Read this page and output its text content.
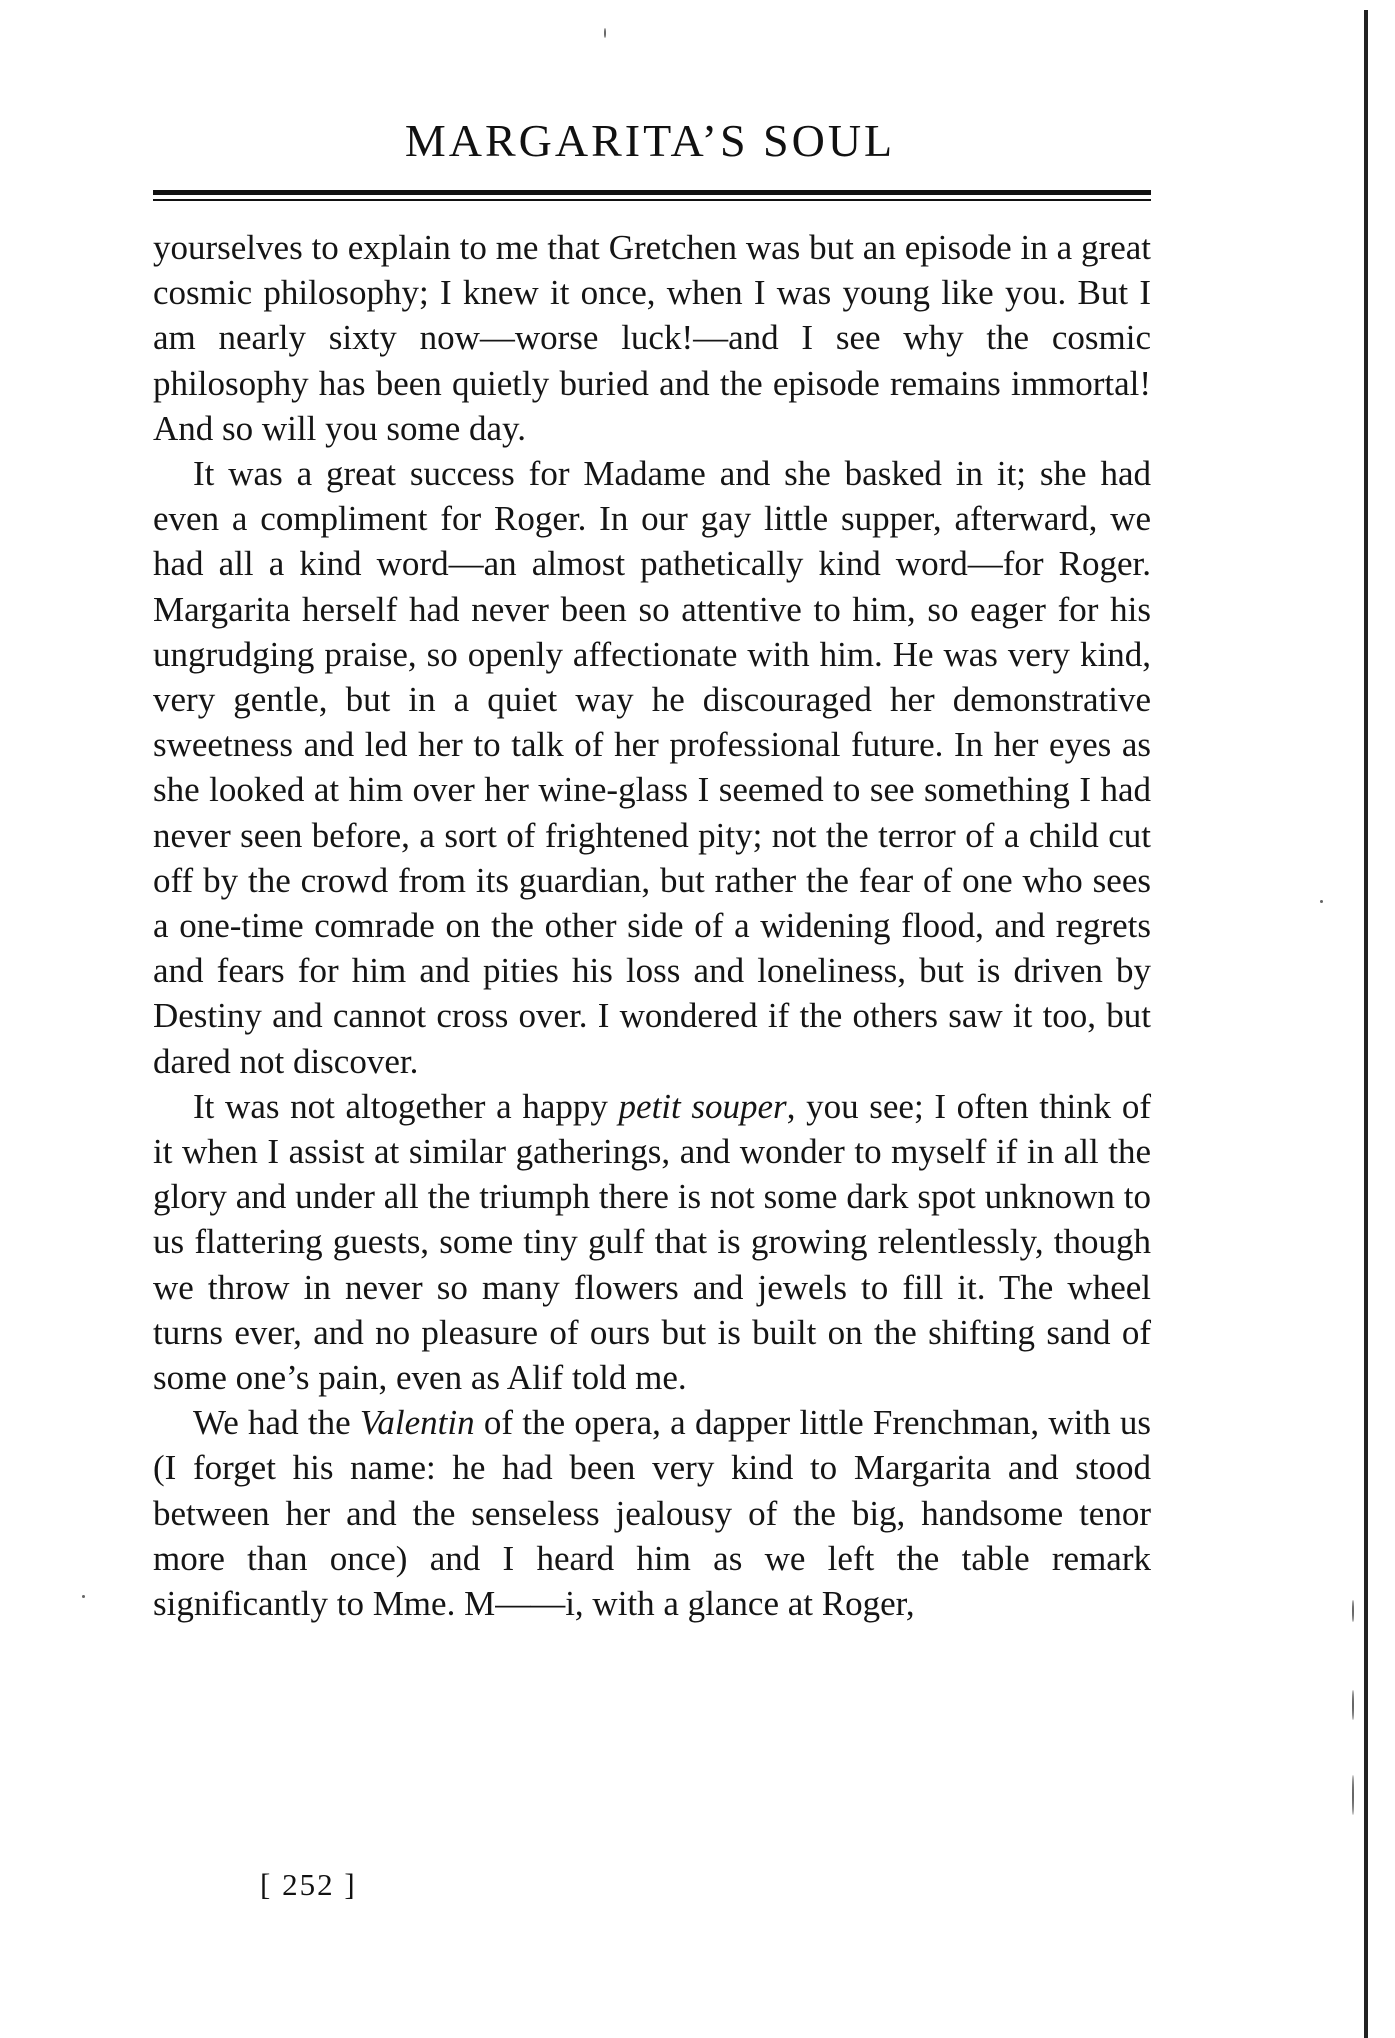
MARGARITA’S SOUL

yourselves to explain to me that Gretchen was but an episode in a great cosmic philosophy; I knew it once, when I was young like you. But I am nearly sixty now—worse luck!—and I see why the cosmic philosophy has been quietly buried and the episode remains immortal! And so will you some day.

It was a great success for Madame and she basked in it; she had even a compliment for Roger. In our gay little supper, afterward, we had all a kind word—an almost pathetically kind word—for Roger. Margarita herself had never been so attentive to him, so eager for his ungrudging praise, so openly affectionate with him. He was very kind, very gentle, but in a quiet way he discouraged her demonstrative sweetness and led her to talk of her professional future. In her eyes as she looked at him over her wine-glass I seemed to see something I had never seen before, a sort of frightened pity; not the terror of a child cut off by the crowd from its guardian, but rather the fear of one who sees a one-time comrade on the other side of a widening flood, and regrets and fears for him and pities his loss and loneliness, but is driven by Destiny and cannot cross over. I wondered if the others saw it too, but dared not discover.

It was not altogether a happy petit souper, you see; I often think of it when I assist at similar gatherings, and wonder to myself if in all the glory and under all the triumph there is not some dark spot unknown to us flattering guests, some tiny gulf that is growing relentlessly, though we throw in never so many flowers and jewels to fill it. The wheel turns ever, and no pleasure of ours but is built on the shifting sand of some one’s pain, even as Alif told me.

We had the Valentin of the opera, a dapper little Frenchman, with us (I forget his name: he had been very kind to Margarita and stood between her and the senseless jealousy of the big, handsome tenor more than once) and I heard him as we left the table remark significantly to Mme. M——i, with a glance at Roger,

[ 252 ]
